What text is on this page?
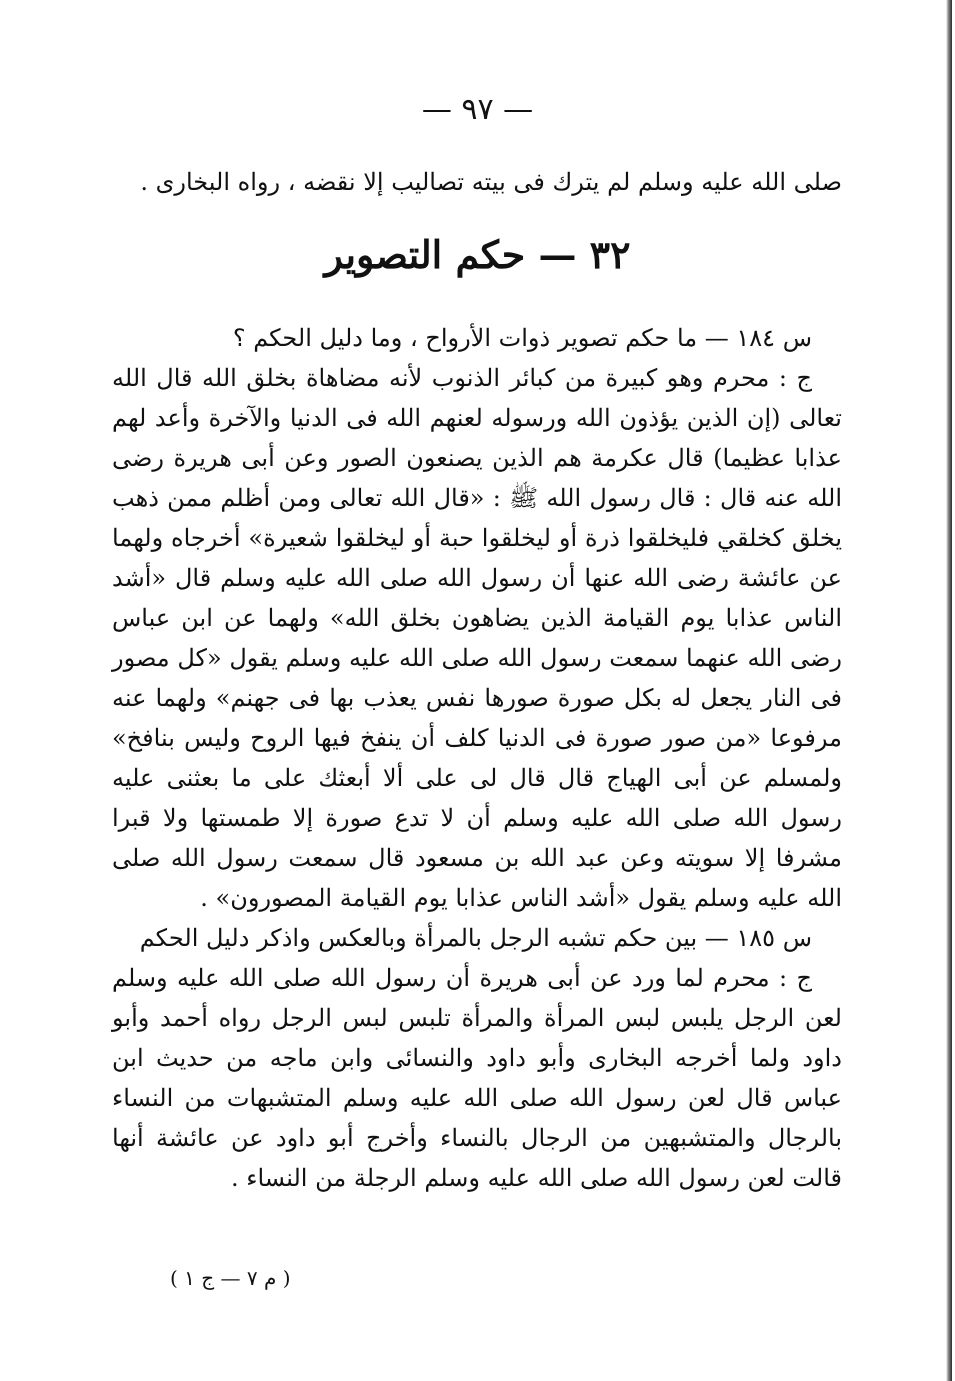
— ٩٧ —

صلى الله عليه وسلم لم يترك فى بيته تصاليب إلا نقضه ، رواه البخارى .

٣٢ — حكم التصوير

س ١٨٤ — ما حكم تصوير ذوات الأرواح ، وما دليل الحكم ؟

ج : محرم وهو كبيرة من كبائر الذنوب لأنه مضاهاة بخلق الله قال الله تعالى (إن الذين يؤذون الله ورسوله لعنهم الله فى الدنيا والآخرة وأعد لهم عذابا عظيما) قال عكرمة هم الذين يصنعون الصور وعن أبى هريرة رضى الله عنه قال : قال رسول الله ﷺ : «قال الله تعالى ومن أظلم ممن ذهب يخلق كخلقي فليخلقوا ذرة أو ليخلقوا حبة أو ليخلقوا شعيرة» أخرجاه ولهما عن عائشة رضى الله عنها أن رسول الله صلى الله عليه وسلم قال «أشد الناس عذابا يوم القيامة الذين يضاهون بخلق الله» ولهما عن ابن عباس رضى الله عنهما سمعت رسول الله صلى الله عليه وسلم يقول «كل مصور فى النار يجعل له بكل صورة صورها نفس يعذب بها فى جهنم» ولهما عنه مرفوعا «من صور صورة فى الدنيا كلف أن ينفخ فيها الروح وليس بنافخ» ولمسلم عن أبى الهياج قال قال لى على ألا أبعثك على ما بعثنى عليه رسول الله صلى الله عليه وسلم أن لا تدع صورة إلا طمستها ولا قبرا مشرفا إلا سويته وعن عبد الله بن مسعود قال سمعت رسول الله صلى الله عليه وسلم يقول «أشد الناس عذابا يوم القيامة المصورون» .

س ١٨٥ — بين حكم تشبه الرجل بالمرأة وبالعكس واذكر دليل الحكم

ج : محرم لما ورد عن أبى هريرة أن رسول الله صلى الله عليه وسلم لعن الرجل يلبس لبس المرأة والمرأة تلبس لبس الرجل رواه أحمد وأبو داود ولما أخرجه البخارى وأبو داود والنسائى وابن ماجه من حديث ابن عباس قال لعن رسول الله صلى الله عليه وسلم المتشبهات من النساء بالرجال والمتشبهين من الرجال بالنساء وأخرج أبو داود عن عائشة أنها قالت لعن رسول الله صلى الله عليه وسلم الرجلة من النساء .

( م ٧ — ج ١ )
